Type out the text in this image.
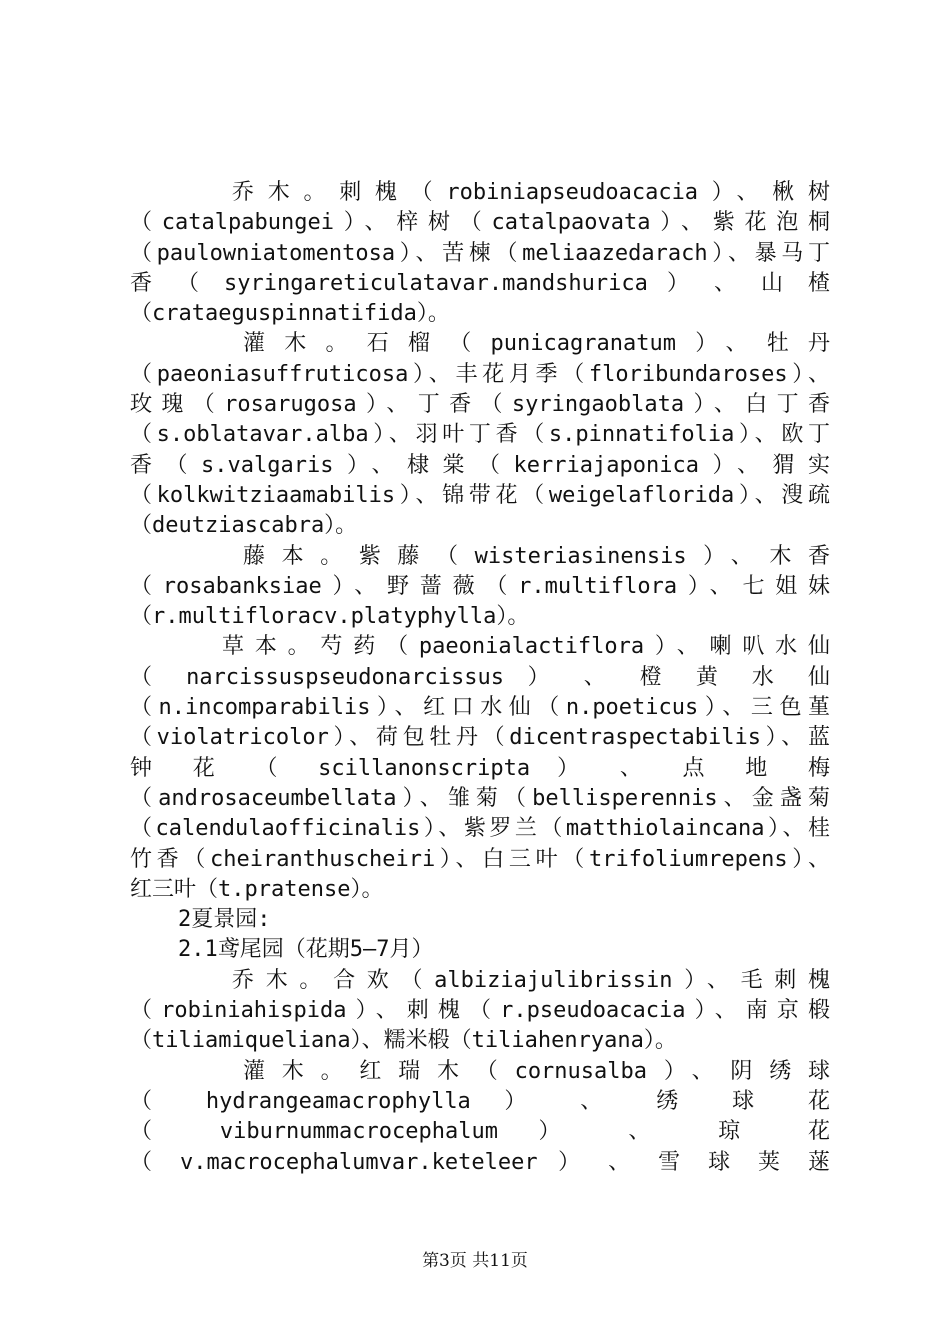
乔木。刺槐（robiniapseudoacacia）、楸树
（catalpabungei）、梓树（catalpaovata）、紫花泡桐
（paulowniatomentosa）、苦楝（meliaazedarach）、暴马丁
香 （ syringareticulatavar.mandshurica ） 、 山 楂
（crataeguspinnatifida）。
灌木。石榴（punicagranatum）、牡丹
（paeoniasuffruticosa）、丰花月季（floribundaroses）、
玫瑰（rosarugosa）、丁香（syringaoblata）、白丁香
（s.oblatavar.alba）、羽叶丁香（s.pinnatifolia）、欧丁
香（s.valgaris）、棣棠（kerriajaponica）、猬实
（kolkwitziaamabilis）、锦带花（weigelaflorida）、溲疏
（deutziascabra）。
藤本。紫藤（wisteriasinensis）、木香
（rosabanksiae）、野蔷薇（r.multiflora）、七姐妹
（r.multifloracv.platyphylla）。
草本。芍药（paeonialactiflora）、喇叭水仙
（ narcissuspseudonarcissus ） 、 橙 黄 水 仙
（n.incomparabilis）、红口水仙（n.poeticus）、三色堇
（violatricolor）、荷包牡丹（dicentraspectabilis）、蓝
钟 花 （ scillanonscripta ） 、 点 地 梅
（androsaceumbellata）、雏菊（bellisperennis、金盏菊
（calendulaofficinalis）、紫罗兰（matthiolaincana）、桂
竹香（cheiranthuscheiri）、白三叶（trifoliumrepens）、
红三叶（t.pratense）。
2夏景园:
2.1鸢尾园（花期5—7月）
乔木。合欢（albiziajulibrissin）、毛刺槐
（robiniahispida）、刺槐（r.pseudoacacia）、南京椴
（tiliamiqueliana）、糯米椴（tiliahenryana）。
灌木。红瑞木（cornusalba）、阴绣球
（ hydrangeamacrophylla ） 、 绣 球 花
（ viburnummacrocephalum ） 、 琼 花
（ v.macrocephalumvar.keteleer ） 、 雪 球 荚 蒾
第3页 共11页
